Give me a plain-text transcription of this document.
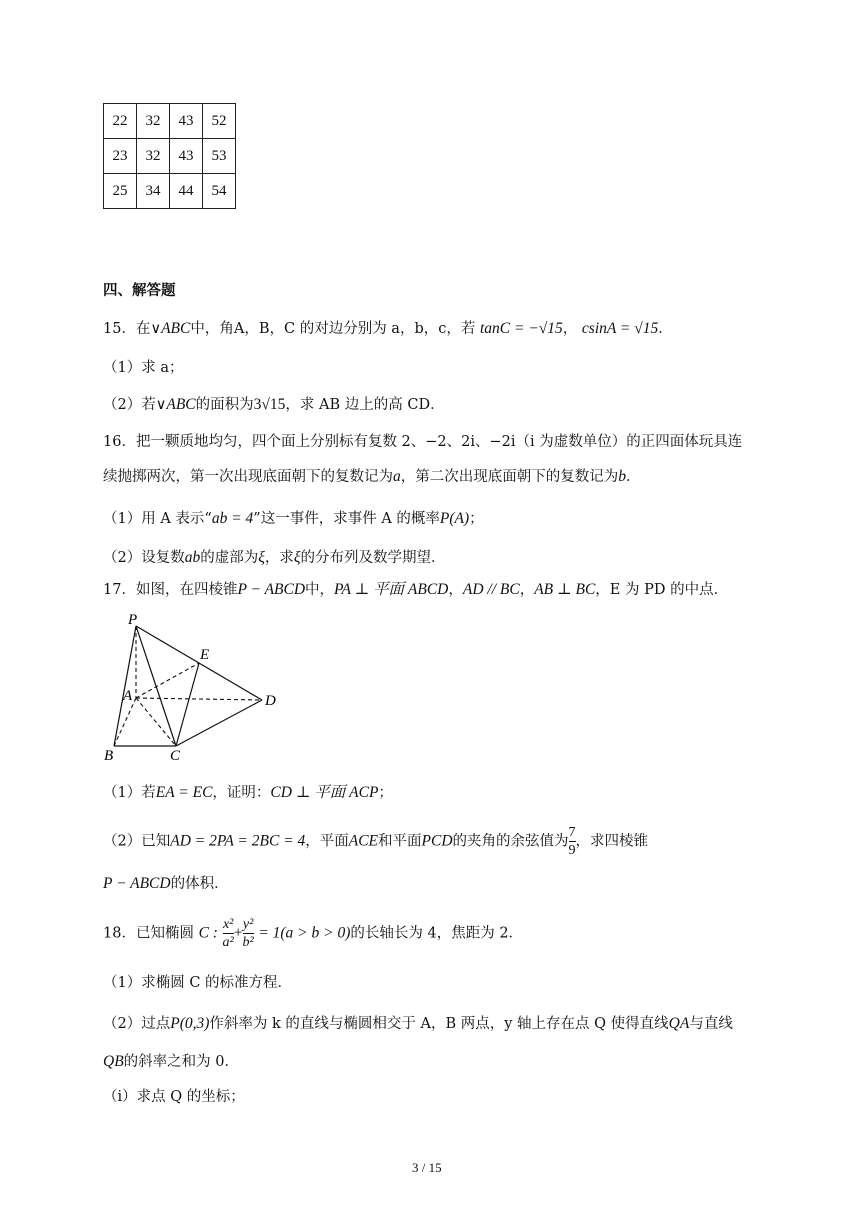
22	32	43	52
23	32	43	53
25	34	44	54
四、解答题
15．在∨ABC中，角A，B，C 的对边分别为 a，b，c，若 tanC = −√15， csinA = √15．
（1）求 a；
（2）若∨ABC的面积为3√15，求 AB 边上的高 CD．
16．把一颗质地均匀，四个面上分别标有复数 2、−2、2i、−2i（i 为虚数单位）的正四面体玩具连
续抛掷两次，第一次出现底面朝下的复数记为a，第二次出现底面朝下的复数记为b．
（1）用 A 表示“ab = 4”这一事件，求事件 A 的概率P(A)；
（2）设复数ab的虚部为ξ，求ξ的分布列及数学期望．
17．如图，在四棱锥P − ABCD中，PA ⊥ 平面 ABCD，AD // BC，AB ⊥ BC，E 为 PD 的中点．
P
E
A	D
B	C
（1）若EA = EC，证明：CD ⊥ 平面 ACP；
（2）已知AD = 2PA = 2BC = 4，平面ACE和平面PCD的夹角的余弦值为 $\frac{7}{9}$ ，求四棱锥
P − ABCD的体积．
18．已知椭圆 C : $\frac{\text{x²}}{\text{a²}} + \frac{\text{y²}}{\text{b²}} = 1(a > b > 0)$的长轴长为 4，焦距为 2．
（1）求椭圆 C 的标准方程．
（2）过点P(0,3)作斜率为 k 的直线与椭圆相交于 A，B 两点，y 轴上存在点 Q 使得直线QA与直线
QB的斜率之和为 0．
（i）求点 Q 的坐标；
3 / 15
